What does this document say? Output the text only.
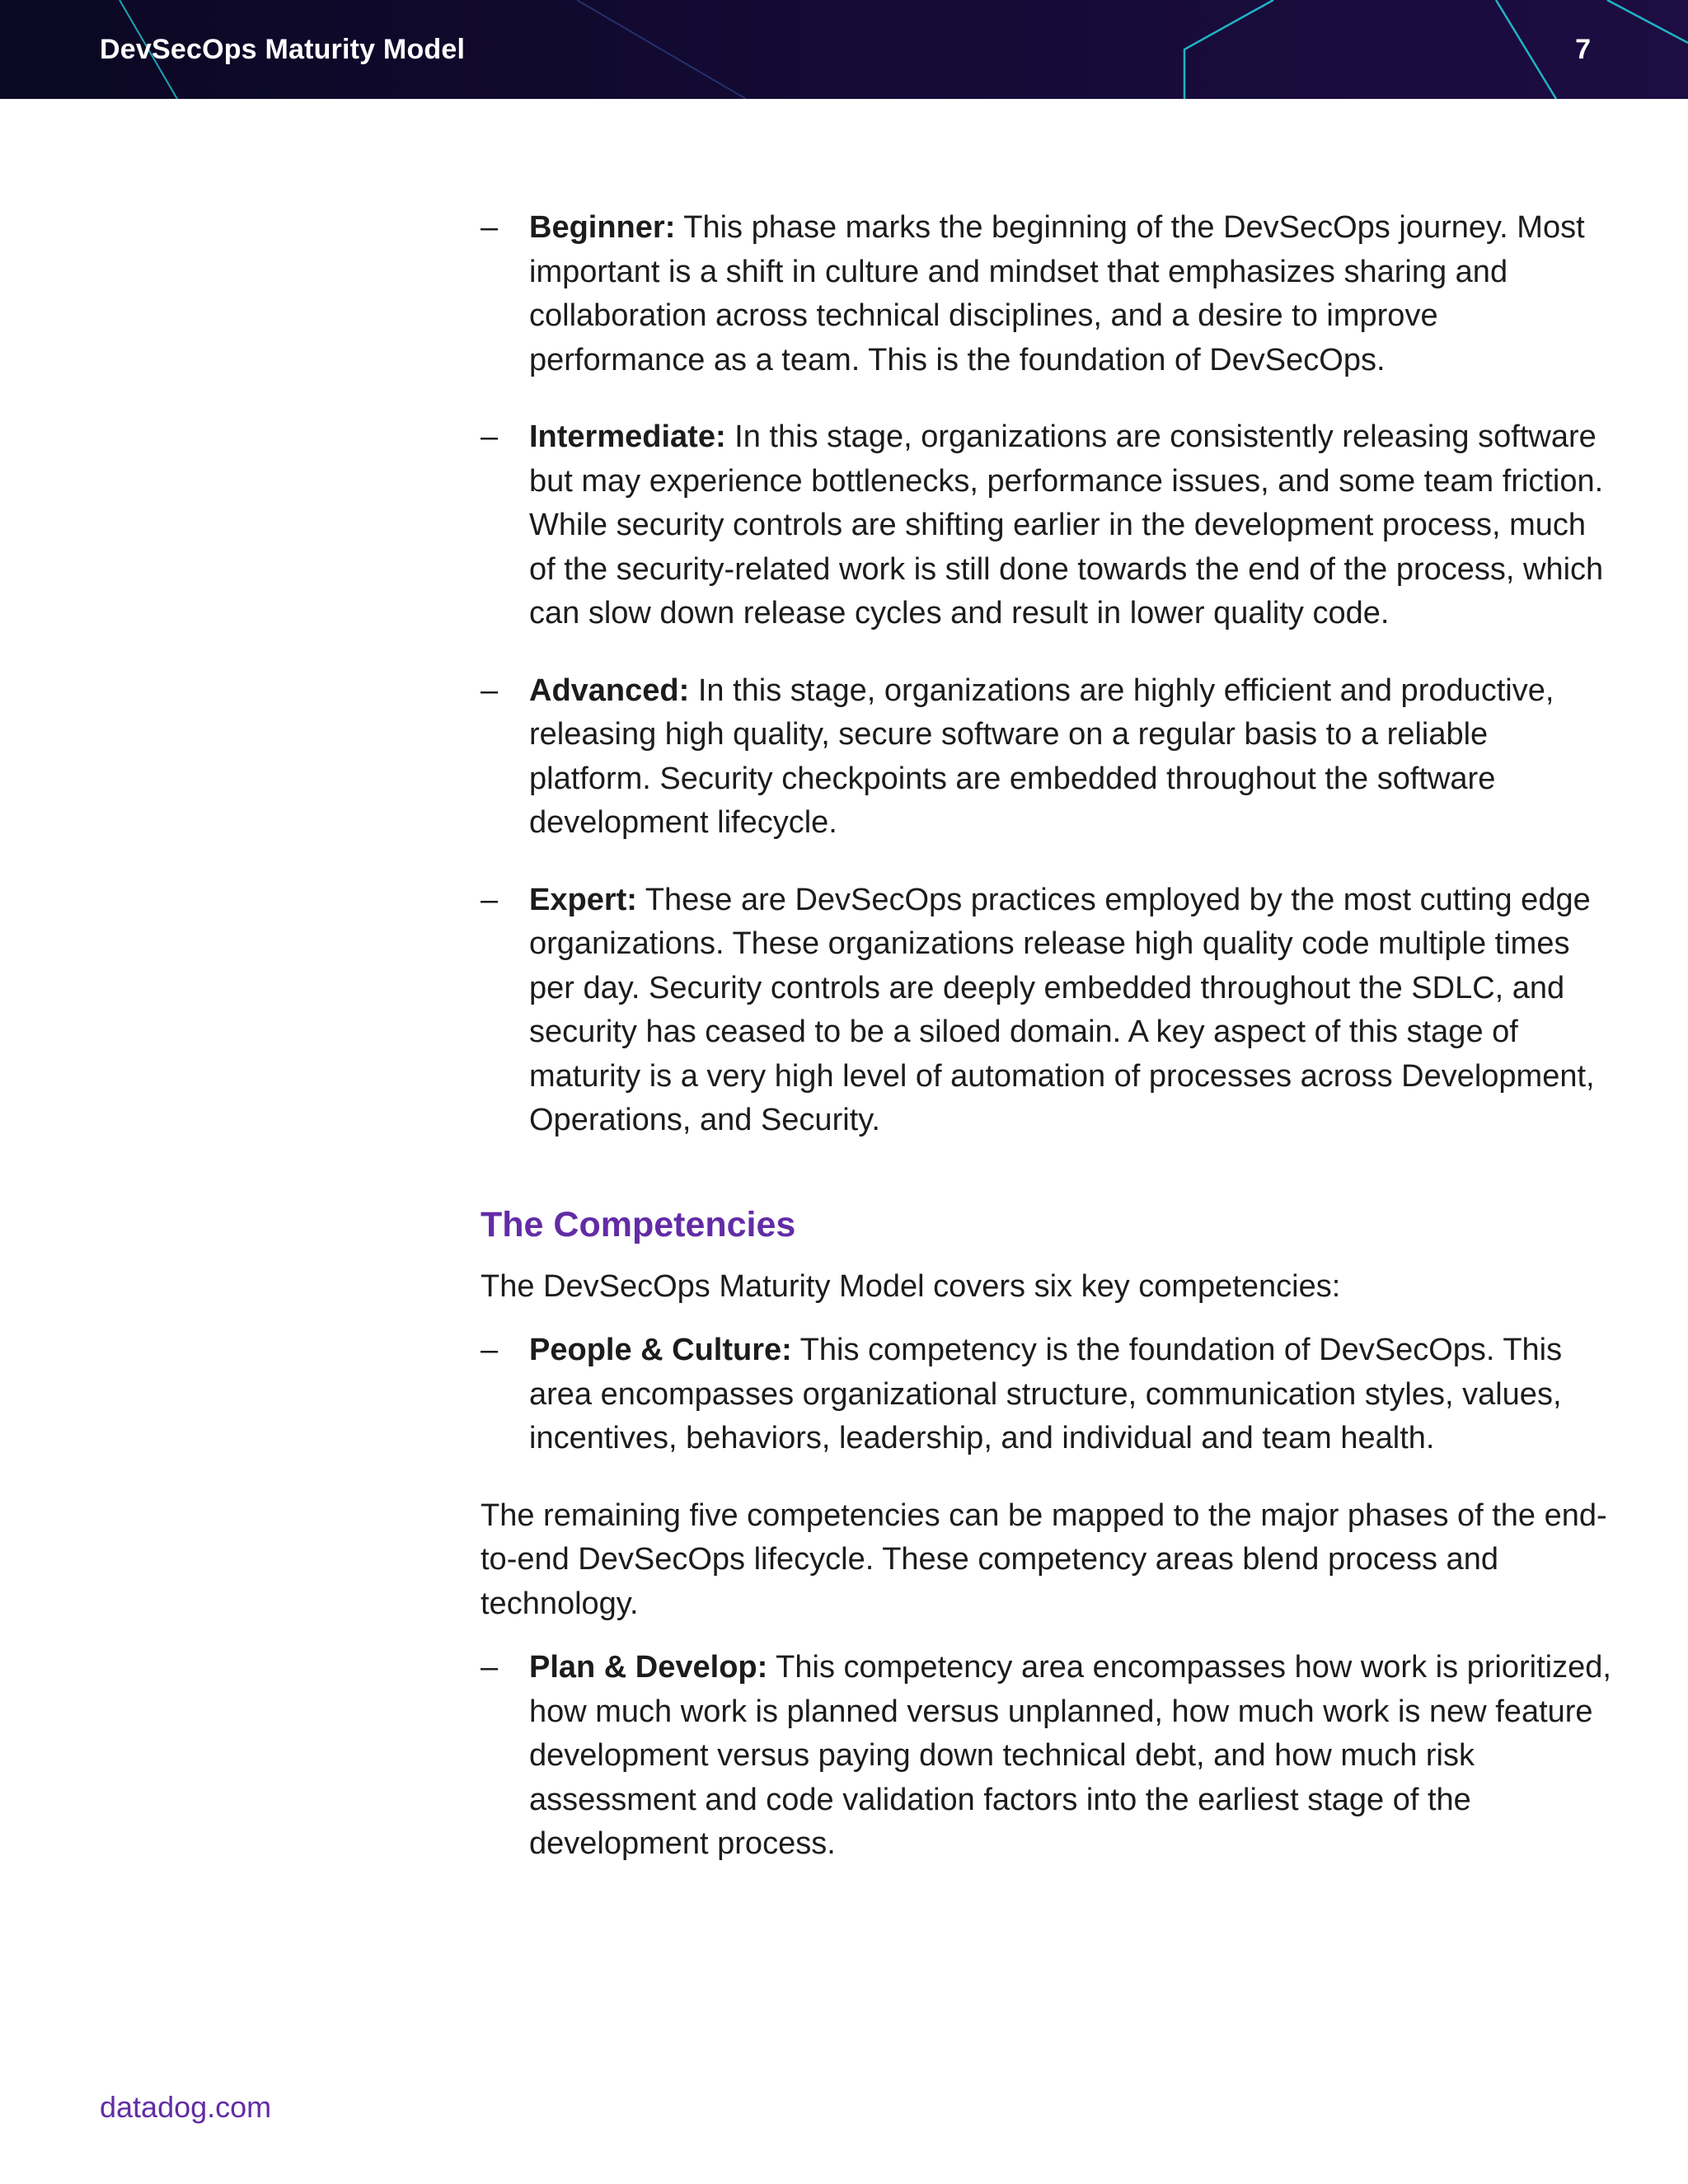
DevSecOps Maturity Model	7
– Beginner: This phase marks the beginning of the DevSecOps journey. Most important is a shift in culture and mindset that emphasizes sharing and collaboration across technical disciplines, and a desire to improve performance as a team. This is the foundation of DevSecOps.
– Intermediate: In this stage, organizations are consistently releasing software but may experience bottlenecks, performance issues, and some team friction. While security controls are shifting earlier in the development process, much of the security-related work is still done towards the end of the process, which can slow down release cycles and result in lower quality code.
– Advanced: In this stage, organizations are highly efficient and productive, releasing high quality, secure software on a regular basis to a reliable platform. Security checkpoints are embedded throughout the software development lifecycle.
– Expert: These are DevSecOps practices employed by the most cutting edge organizations. These organizations release high quality code multiple times per day. Security controls are deeply embedded throughout the SDLC, and security has ceased to be a siloed domain. A key aspect of this stage of maturity is a very high level of automation of processes across Development, Operations, and Security.
The Competencies
The DevSecOps Maturity Model covers six key competencies:
– People & Culture: This competency is the foundation of DevSecOps. This area encompasses organizational structure, communication styles, values, incentives, behaviors, leadership, and individual and team health.
The remaining five competencies can be mapped to the major phases of the end-to-end DevSecOps lifecycle. These competency areas blend process and technology.
– Plan & Develop: This competency area encompasses how work is prioritized, how much work is planned versus unplanned, how much work is new feature development versus paying down technical debt, and how much risk assessment and code validation factors into the earliest stage of the development process.
datadog.com
